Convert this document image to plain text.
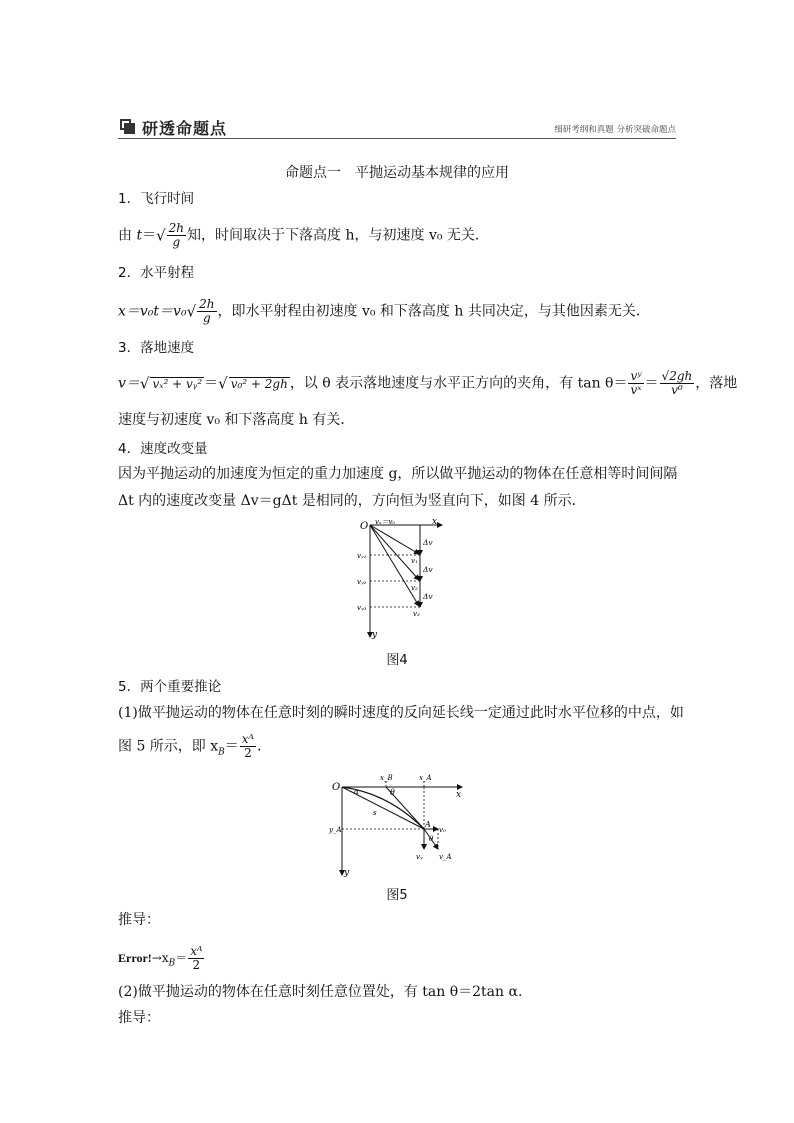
研透命题点	细研考纲和真题 分析突破命题点
命题点一　平抛运动基本规律的应用
1．飞行时间
由 $t=√ \frac{2h}{g}$ 知，时间取决于下落高度 h，与初速度 v₀ 无关．
2．水平射程
$x=v_0t=v_0√ \frac{2h}{g}$ ，即水平射程由初速度 v₀ 和下落高度 h 共同决定，与其他因素无关．
3．落地速度
v＝√ vₓ² + vᵧ² ＝√ v₀² + 2gh ，以 θ 表示落地速度与水平正方向的夹角，有 $\tan \theta= \frac{\text{vʸ}}{\text{vˣ}} = \frac{√2gh}{\text{v⁰}}$ ，落地
速度与初速度 v₀ 和下落高度 h 有关．
4．速度改变量
因为平抛运动的加速度为恒定的重力加速度 g，所以做平抛运动的物体在任意相等时间间隔
Δt 内的速度改变量 Δv＝gΔt 是相同的，方向恒为竖直向下，如图 4 所示．
O	x
y
vₓ＝v₀
vᵧ₁
vᵧ₂
vᵧ₃
Δv
Δv
Δv
v₁
v₂
v₃
图4
5．两个重要推论
(1)做平抛运动的物体在任意时刻的瞬时速度的反向延长线一定通过此时水平位移的中点，如
图 5 所示，即 $x_B= \frac{\text{xᴬ}}{2}$ .
O
x
y
x_B	x_A
y_A
θ
α
s
A
θ
v₀
vᵧ v_A
图5
推导：
$Error!\to x_B= \frac{\text{xᴬ}}{2}$
(2)做平抛运动的物体在任意时刻任意位置处，有 tan θ＝2tan α.
推导：
